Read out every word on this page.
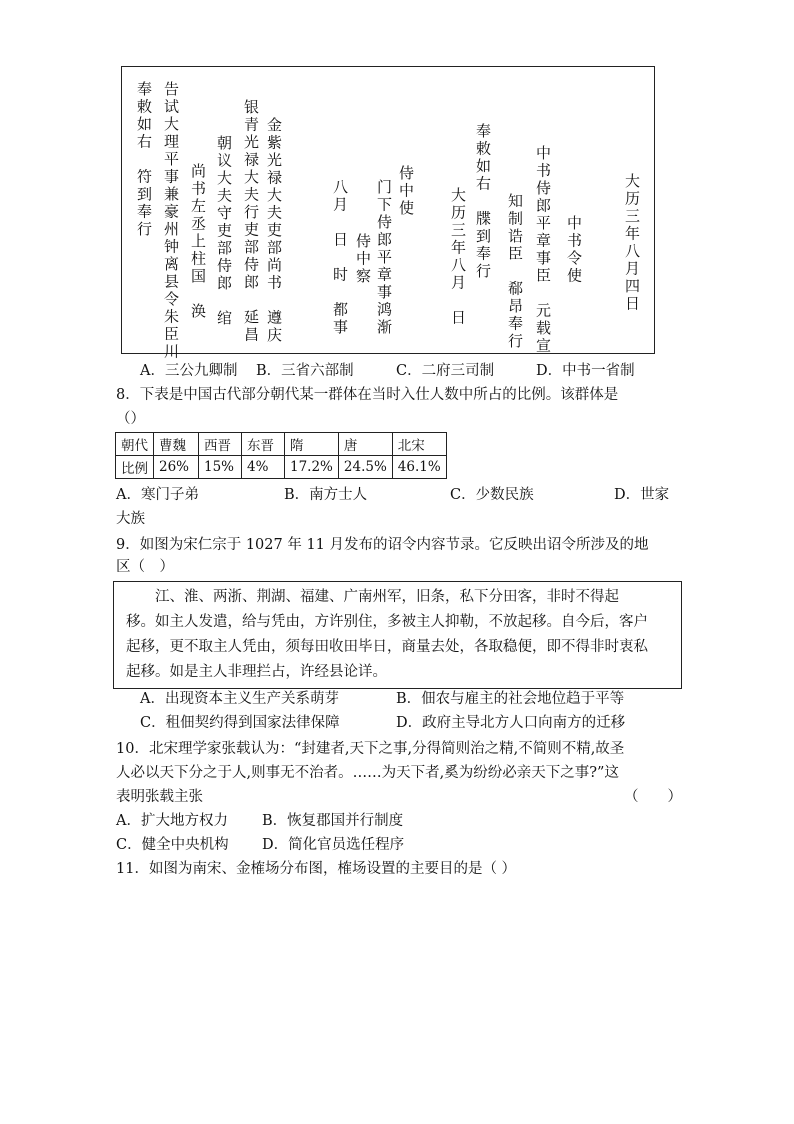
大历三年八月四日
中书令使
中书侍郎平章事臣　元载宣
知制诰臣　郗昂奉行
奉敕如右　牒到奉行
大历三年八月　日
侍中使
门下侍郎平章事鸿渐
侍中察
八月　日　时　都事
金紫光禄大夫吏部尚书　遵庆
银青光禄大夫行吏部侍郎　延昌
朝议大夫守吏部侍郎　绾
尚书左丞上柱国　涣
告试大理平事兼豪州钟离县令朱臣川
奉敕如右　符到奉行
A．三公九卿制 B．三省六部制	C．二府三司制	D．中书一省制
8．下表是中国古代部分朝代某一群体在当时入仕人数中所占的比例。该群体是
（）
朝代	曹魏	西晋	东晋	隋	唐	北宋
比例	26%	15%	4%	17.2%	24.5%	46.1%
A．寒门子弟	B．南方士人	C．少数民族	D．世家
大族
9．如图为宋仁宗于 1027 年 11 月发布的诏令内容节录。它反映出诏令所涉及的地
区（　）
　　江、淮、两浙、荆湖、福建、广南州军，旧条，私下分田客，非时不得起
移。如主人发遣，给与凭由，方许别住，多被主人抑勒，不放起移。自今后，客户
起移，更不取主人凭由，须每田收田毕日，商量去处，各取稳便，即不得非时衷私
起移。如是主人非理拦占，许经县论详。
A．出现资本主义生产关系萌芽	B．佃农与雇主的社会地位趋于平等
C．租佃契约得到国家法律保障	D．政府主导北方人口向南方的迁移
10．北宋理学家张载认为：“封建者,天下之事,分得简则治之精,不简则不精,故圣
人必以天下分之于人,则事无不治者。……为天下者,奚为纷纷必亲天下之事?”这
表明张载主张	（　　）
A．扩大地方权力 B．恢复郡国并行制度
C．健全中央机构 D．简化官员选任程序
11．如图为南宋、金榷场分布图，榷场设置的主要目的是（ ）
